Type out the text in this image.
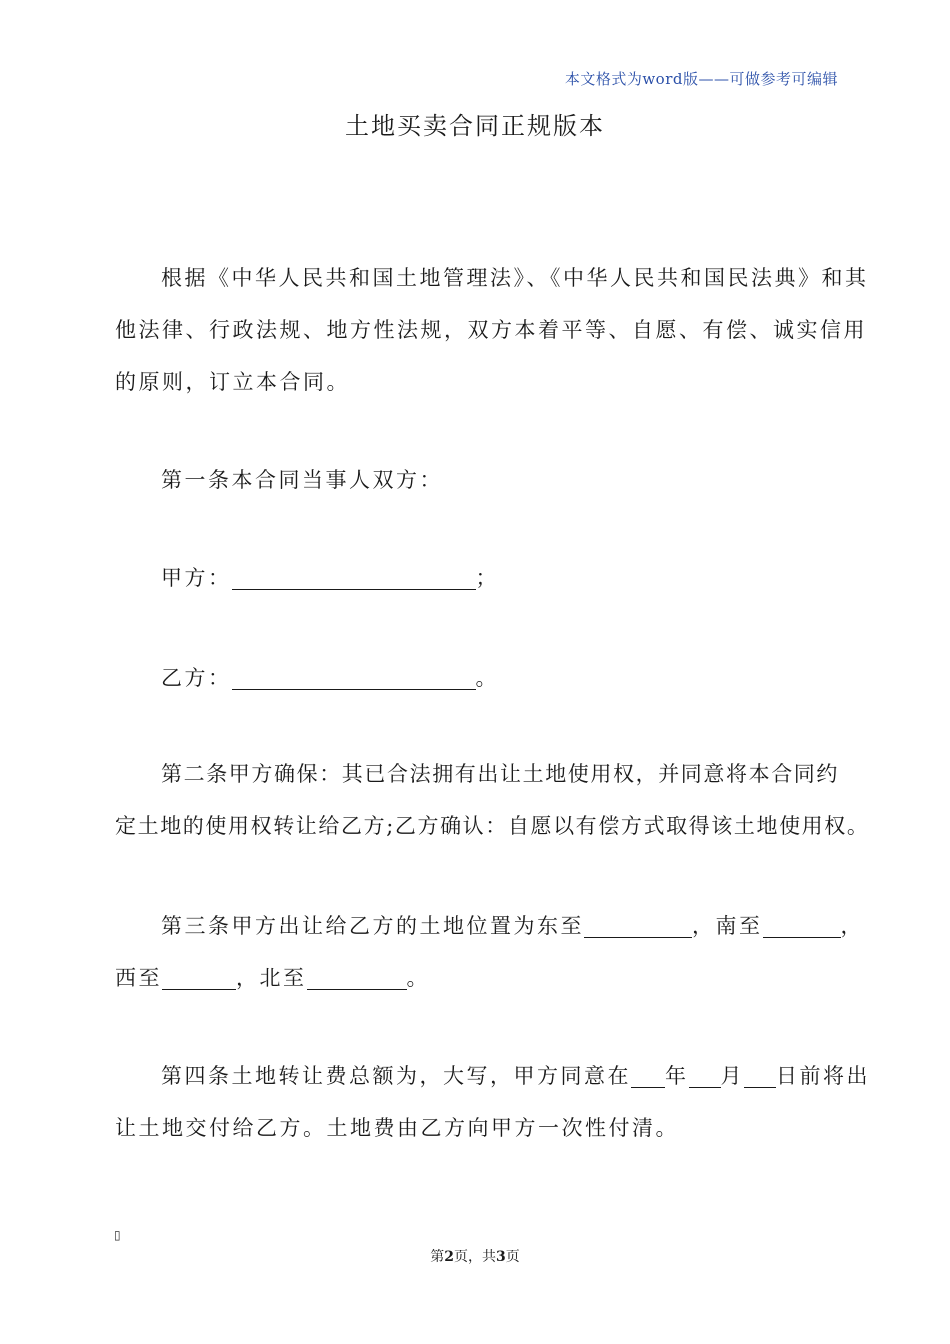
本文格式为word版——可做参考可编辑
土地买卖合同正规版本
根据《中华人民共和国土地管理法》、《中华人民共和国民法典》和其
他法律、行政法规、地方性法规，双方本着平等、自愿、有偿、诚实信用
的原则，订立本合同。
第一条本合同当事人双方：
甲方：	；
乙方：	。
第二条甲方确保：其已合法拥有出让土地使用权，并同意将本合同约
定土地的使用权转让给乙方;乙方确认：自愿以有偿方式取得该土地使用权。
第三条甲方出让给乙方的土地位置为东至	，南至	，
西至	，北至	。
第四条土地转让费总额为，大写，甲方同意在 年 月 日前将出
让土地交付给乙方。土地费由乙方向甲方一次性付清。
▯
第2页，共3页
